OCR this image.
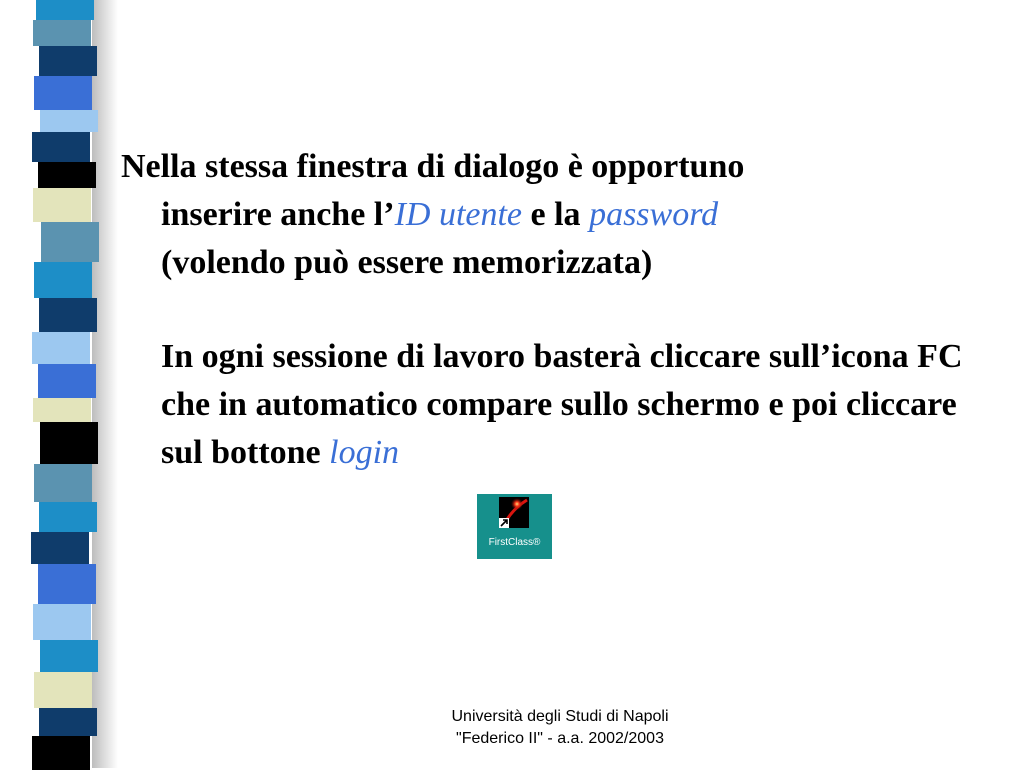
Nella stessa finestra di dialogo è opportuno
inserire anche l’ID utente e la password
(volendo può essere memorizzata)

In ogni sessione di lavoro basterà cliccare sull’icona FC che in automatico compare sullo schermo e poi cliccare sul bottone login

FirstClass®
Università degli Studi di Napoli
"Federico II" - a.a. 2002/2003
